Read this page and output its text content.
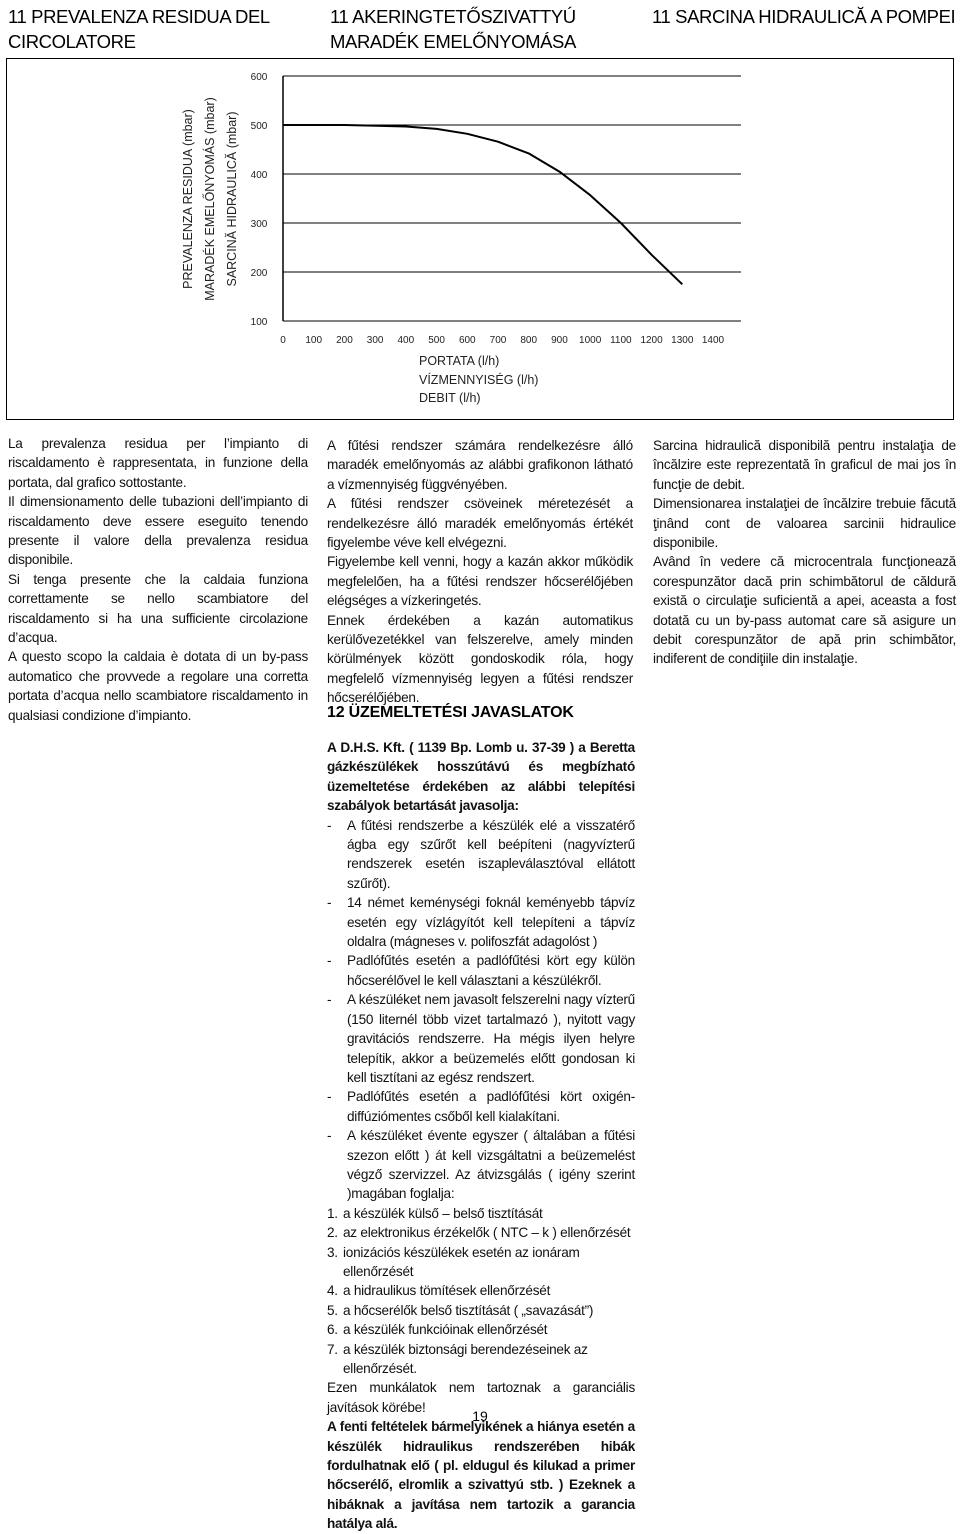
11 PREVALENZA RESIDUA DEL CIRCOLATORE
11 AKERINGTETŐSZIVATTYÚ MARADÉK EMELŐNYOMÁSA
11 SARCINA HIDRAULICĂ A POMPEI
600
500
400
300
200
100
0 100 200 300 400 500 600 700 800 900 1000 1100 1200 1300 1400
PREVALENZA RESIDUA (mbar) MARADÉK EMELŐNYOMÁS (mbar) SARCINĂ HIDRAULICĂ (mbar)
PORTATA (l/h)
VÍZMENNYISÉG (l/h)
DEBIT (l/h)

La prevalenza residua per l’impianto di riscaldamento è rappresentata, in funzione della portata, dal grafico sottostante.

Il dimensionamento delle tubazioni dell’impianto di riscaldamento deve essere eseguito tenendo presente il valore della prevalenza residua disponibile.

Si tenga presente che la caldaia funziona correttamente se nello scambiatore del riscaldamento si ha una sufficiente circolazione d’acqua.

A questo scopo la caldaia è dotata di un by-pass automatico che provvede a regolare una corretta portata d’acqua nello scambiatore riscaldamento in qualsiasi condizione d’impianto.

A fűtési rendszer számára rendelkezésre álló maradék emelőnyomás az alábbi grafikonon látható a vízmennyiség függvényében.

A fűtési rendszer csöveinek méretezését a rendelkezésre álló maradék emelőnyomás értékét figyelembe véve kell elvégezni.

Figyelembe kell venni, hogy a kazán akkor működik megfelelően, ha a fűtési rendszer hőcserélőjében elégséges a vízkeringetés.

Ennek érdekében a kazán automatikus kerülővezetékkel van felszerelve, amely minden körülmények között gondoskodik róla, hogy megfelelő vízmennyiség legyen a fűtési rendszer hőcserélőjében.

Sarcina hidraulică disponibilă pentru instalaţia de încălzire este reprezentată în graficul de mai jos în funcţie de debit.

Dimensionarea instalaţiei de încălzire trebuie făcută ţinând cont de valoarea sarcinii hidraulice disponibile.

Având în vedere că microcentrala funcţionează corespunzător dacă prin schimbătorul de căldură există o circulaţie suficientă a apei, aceasta a fost dotată cu un by-pass automat care să asigure un debit corespunzător de apă prin schimbător, indiferent de condiţiile din instalaţie.

12 ÜZEMELTETÉSI JAVASLATOK

A D.H.S. Kft. ( 1139 Bp. Lomb u. 37-39 ) a Beretta gázkészülékek hosszútávú és megbízható üzemeltetése érdekében az alábbi telepítési szabályok betartását javasolja:

-	A fűtési rendszerbe a készülék elé a visszatérő ágba egy szűrőt kell beépíteni (nagyvízterű rendszerek esetén iszapleválasztóval ellátott szűrőt).
-	14 német keménységi foknál keményebb tápvíz esetén egy vízlágyítót kell telepíteni a tápvíz oldalra (mágneses v. polifoszfát adagolóst )
-	Padlófűtés esetén a padlófűtési kört egy külön hőcserélővel le kell választani a készülékről.
-	A készüléket nem javasolt felszerelni nagy vízterű (150 liternél több vizet tartalmazó ), nyitott vagy gravitációs rendszerre. Ha mégis ilyen helyre telepítik, akkor a beüzemelés előtt gondosan ki kell tisztítani az egész rendszert.
-	Padlófűtés esetén a padlófűtési kört oxigén-diffúziómentes csőből kell kialakítani.
-	A készüléket évente egyszer ( általában a fűtési szezon előtt ) át kell vizsgáltatni a beüzemelést végző szervizzel. Az átvizsgálás ( igény szerint )magában foglalja:
1. a készülék külső – belső tisztítását
2. az elektronikus érzékelők ( NTC – k ) ellenőrzését
3. ionizációs készülékek esetén az ionáram ellenőrzését
4. a hidraulikus tömítések ellenőrzését
5. a hőcserélők belső tisztítását ( „savazását”)
6. a készülék funkcióinak ellenőrzését
7. a készülék biztonsági berendezéseinek az ellenőrzését.

Ezen munkálatok nem tartoznak a garanciális javítások körébe!

A fenti feltételek bármelyikének a hiánya esetén a készülék hidraulikus rendszerében hibák fordulhatnak elő ( pl. eldugul és kilukad a primer hőcserélő, elromlik a szivattyú stb. ) Ezeknek a hibáknak a javítása nem tartozik a garancia hatálya alá.

19
